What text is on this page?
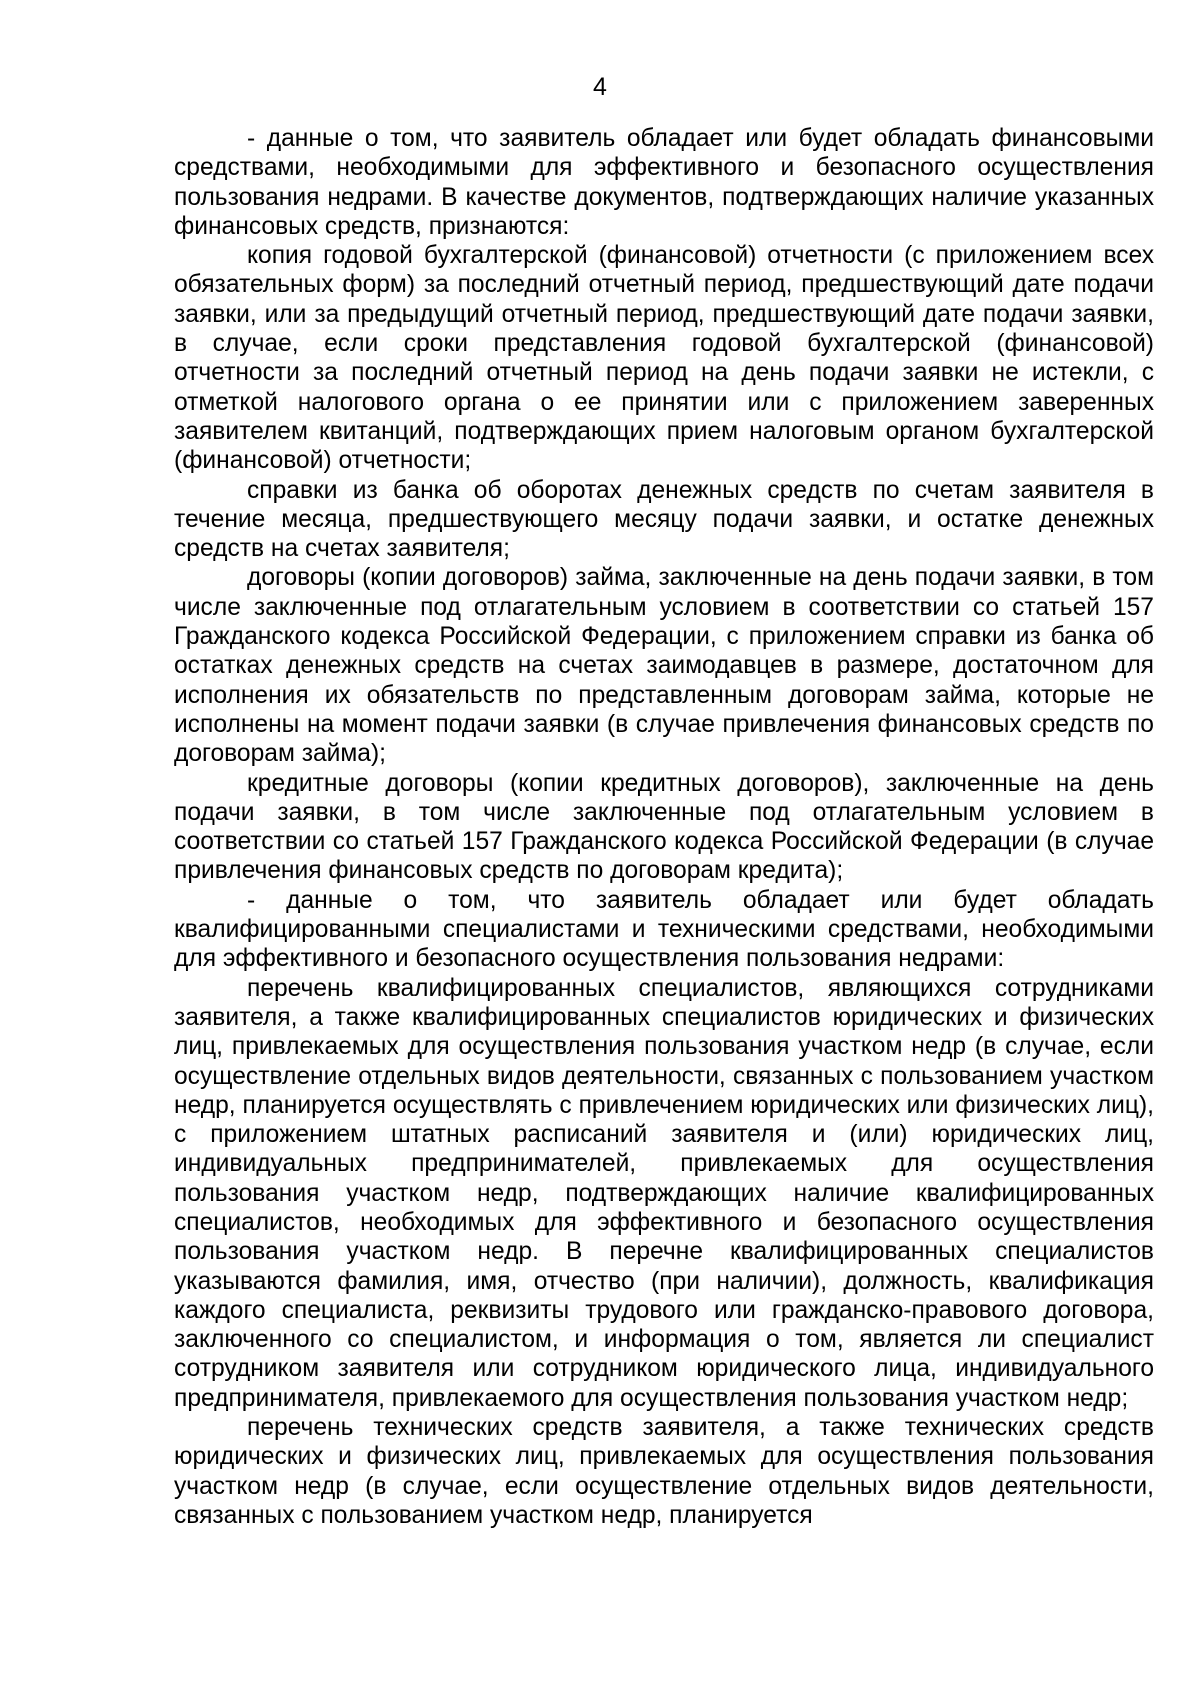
4

- данные о том, что заявитель обладает или будет обладать финансовыми средствами, необходимыми для эффективного и безопасного осуществления пользования недрами. В качестве документов, подтверждающих наличие указанных финансовых средств, признаются:

копия годовой бухгалтерской (финансовой) отчетности (с приложением всех обязательных форм) за последний отчетный период, предшествующий дате подачи заявки, или за предыдущий отчетный период, предшествующий дате подачи заявки, в случае, если сроки представления годовой бухгалтерской (финансовой) отчетности за последний отчетный период на день подачи заявки не истекли, с отметкой налогового органа о ее принятии или с приложением заверенных заявителем квитанций, подтверждающих прием налоговым органом бухгалтерской (финансовой) отчетности;

справки из банка об оборотах денежных средств по счетам заявителя в течение месяца, предшествующего месяцу подачи заявки, и остатке денежных средств на счетах заявителя;

договоры (копии договоров) займа, заключенные на день подачи заявки, в том числе заключенные под отлагательным условием в соответствии со статьей 157 Гражданского кодекса Российской Федерации, с приложением справки из банка об остатках денежных средств на счетах заимодавцев в размере, достаточном для исполнения их обязательств по представленным договорам займа, которые не исполнены на момент подачи заявки (в случае привлечения финансовых средств по договорам займа);

кредитные договоры (копии кредитных договоров), заключенные на день подачи заявки, в том числе заключенные под отлагательным условием в соответствии со статьей 157 Гражданского кодекса Российской Федерации (в случае привлечения финансовых средств по договорам кредита);

- данные о том, что заявитель обладает или будет обладать квалифицированными специалистами и техническими средствами, необходимыми для эффективного и безопасного осуществления пользования недрами:

перечень квалифицированных специалистов, являющихся сотрудниками заявителя, а также квалифицированных специалистов юридических и физических лиц, привлекаемых для осуществления пользования участком недр (в случае, если осуществление отдельных видов деятельности, связанных с пользованием участком недр, планируется осуществлять с привлечением юридических или физических лиц), с приложением штатных расписаний заявителя и (или) юридических лиц, индивидуальных предпринимателей, привлекаемых для осуществления пользования участком недр, подтверждающих наличие квалифицированных специалистов, необходимых для эффективного и безопасного осуществления пользования участком недр. В перечне квалифицированных специалистов указываются фамилия, имя, отчество (при наличии), должность, квалификация каждого специалиста, реквизиты трудового или гражданско-правового договора, заключенного со специалистом, и информация о том, является ли специалист сотрудником заявителя или сотрудником юридического лица, индивидуального предпринимателя, привлекаемого для осуществления пользования участком недр;

перечень технических средств заявителя, а также технических средств юридических и физических лиц, привлекаемых для осуществления пользования участком недр (в случае, если осуществление отдельных видов деятельности, связанных с пользованием участком недр, планируется
